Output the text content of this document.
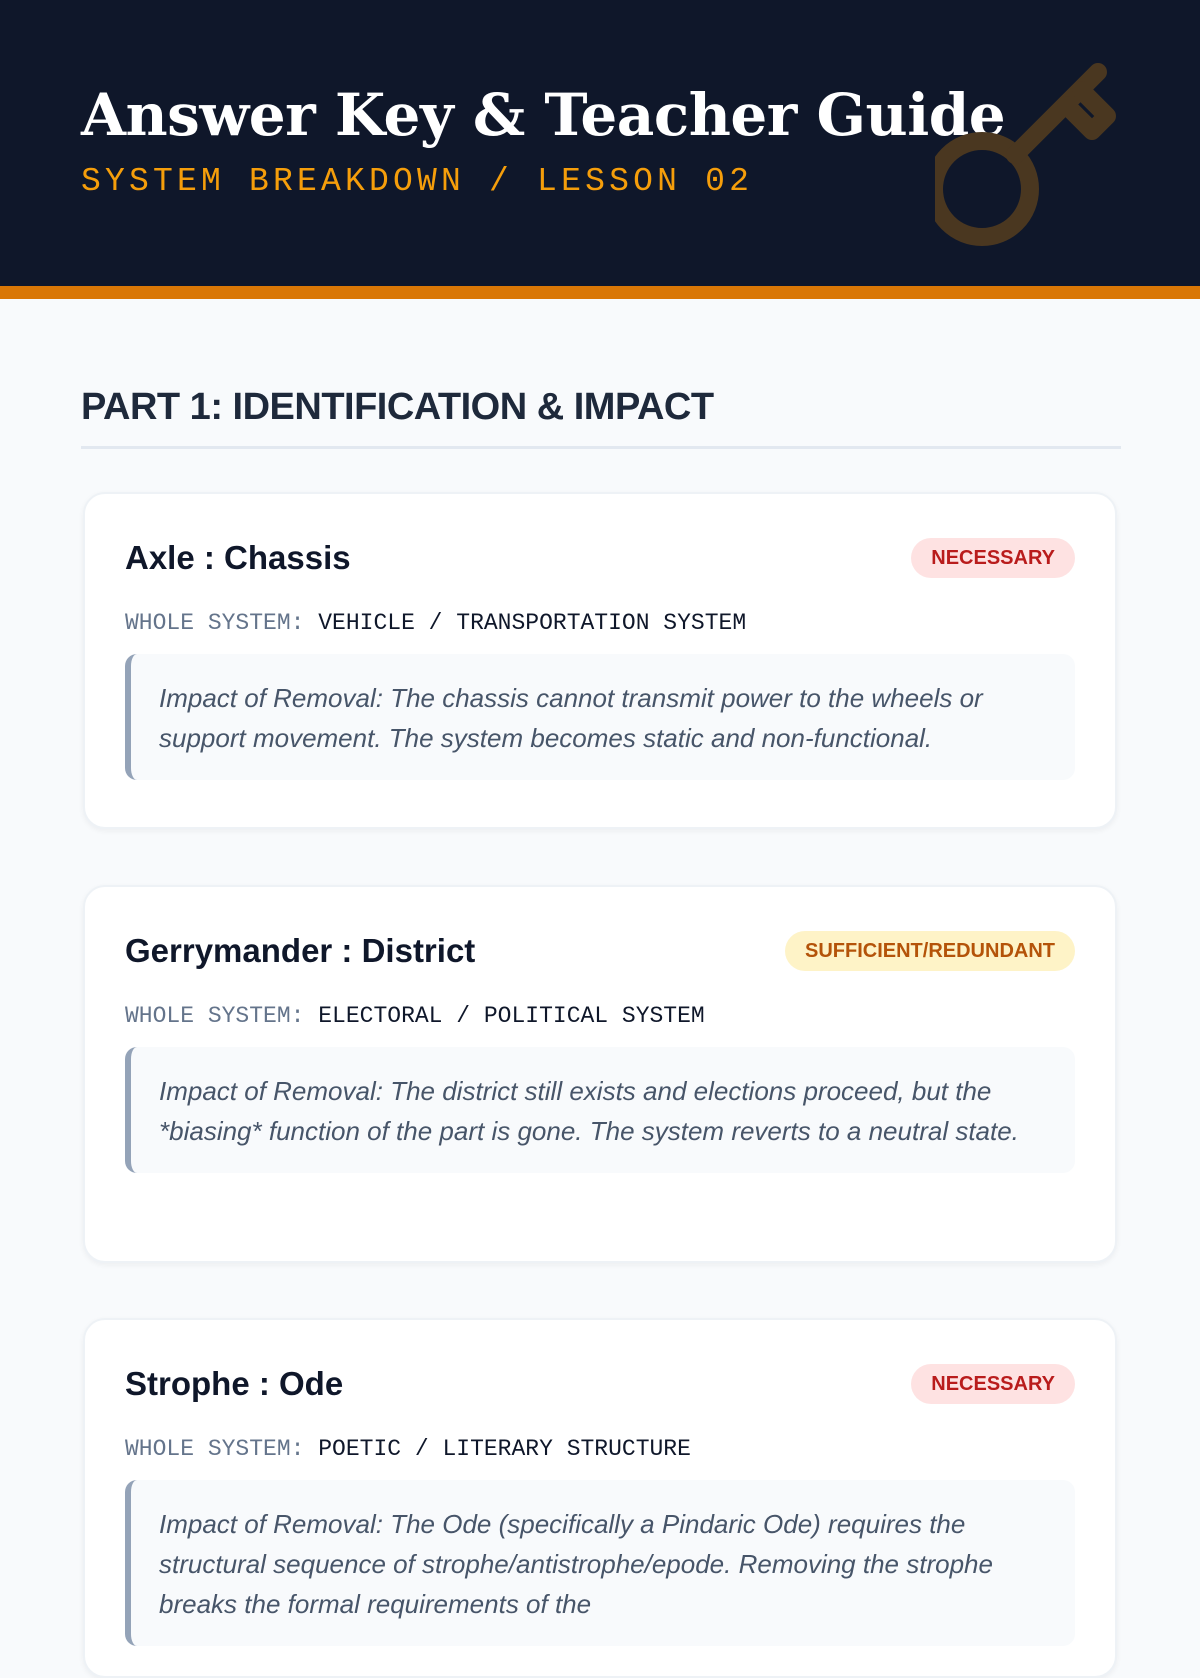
Answer Key & Teacher Guide
SYSTEM BREAKDOWN / LESSON 02
PART 1: IDENTIFICATION & IMPACT
Axle : Chassis	NECESSARY
WHOLE SYSTEM: VEHICLE / TRANSPORTATION SYSTEM
Impact of Removal: The chassis cannot transmit power to the wheels or support movement. The system becomes static and non-functional.
Gerrymander : District	SUFFICIENT/REDUNDANT
WHOLE SYSTEM: ELECTORAL / POLITICAL SYSTEM
Impact of Removal: The district still exists and elections proceed, but the *biasing* function of the part is gone. The system reverts to a neutral state.
Strophe : Ode	NECESSARY
WHOLE SYSTEM: POETIC / LITERARY STRUCTURE
Impact of Removal: The Ode (specifically a Pindaric Ode) requires the structural sequence of strophe/antistrophe/epode. Removing the strophe breaks the formal requirements of the
